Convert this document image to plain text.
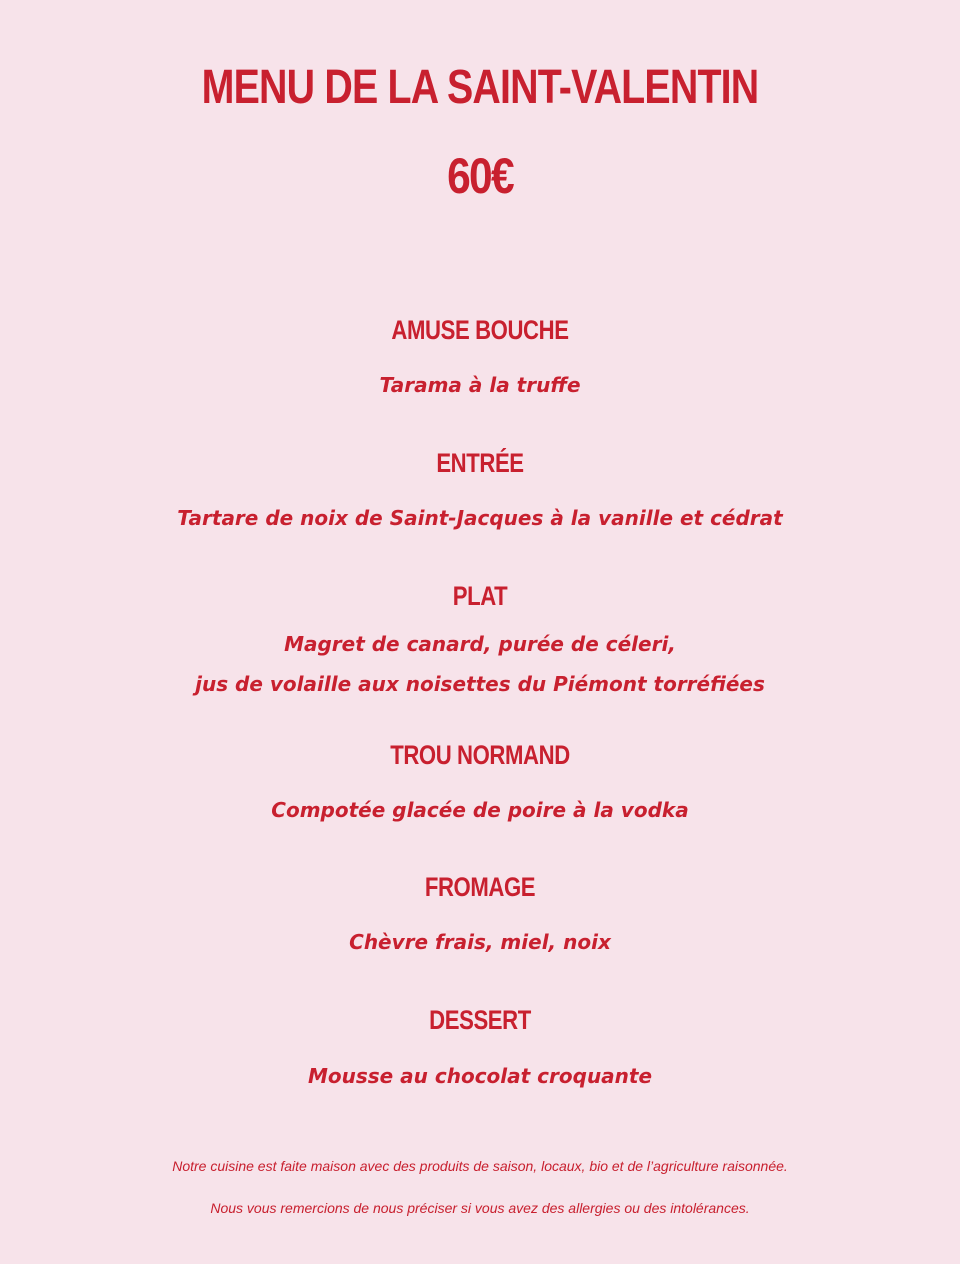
MENU DE LA SAINT-VALENTIN
60€
AMUSE BOUCHE

Tarama à la truffe

ENTRÉE

Tartare de noix de Saint-Jacques à la vanille et cédrat

PLAT

Magret de canard, purée de céleri,

jus de volaille aux noisettes du Piémont torréfiées

TROU NORMAND

Compotée glacée de poire à la vodka

FROMAGE

Chèvre frais, miel, noix

DESSERT

Mousse au chocolat croquante

Notre cuisine est faite maison avec des produits de saison, locaux, bio et de l’agriculture raisonnée.

Nous vous remercions de nous préciser si vous avez des allergies ou des intolérances.
